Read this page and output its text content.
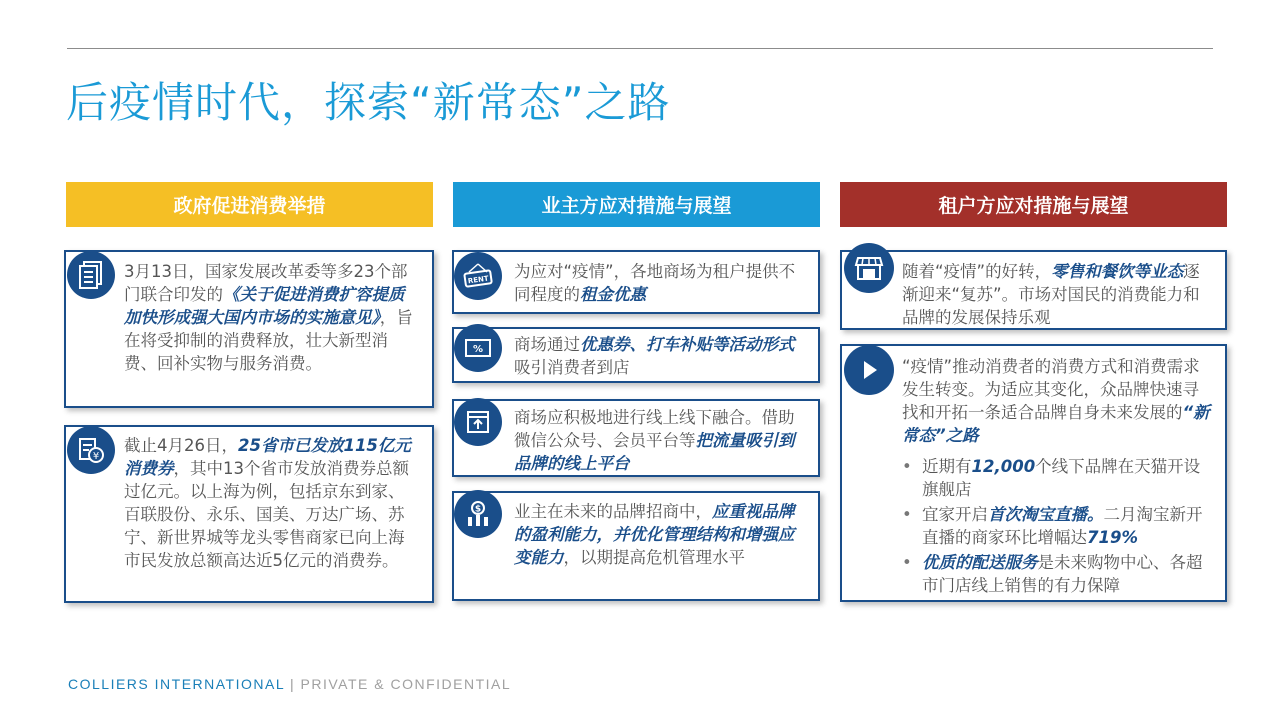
后疫情时代，探索“新常态”之路
政府促进消费举措	业主方应对措施与展望	租户方应对措施与展望
3月13日，国家发展改革委等多23个部门联合印发的《关于促进消费扩容提质加快形成强大国内市场的实施意见》，旨在将受抑制的消费释放，壮大新型消费、回补实物与服务消费。
¥
截止4月26日，25省市已发放115亿元消费券，其中13个省市发放消费券总额过亿元。以上海为例，包括京东到家、百联股份、永乐、国美、万达广场、苏宁、新世界城等龙头零售商家已向上海市民发放总额高达近5亿元的消费券。
RENT 为应对“疫情”，各地商场为租户提供不同程度的租金优惠
% 商场通过优惠券、打车补贴等活动形式吸引消费者到店
商场应积极地进行线上线下融合。借助微信公众号、会员平台等把流量吸引到品牌的线上平台
$ 业主在未来的品牌招商中，应重视品牌的盈利能力，并优化管理结构和增强应变能力，以期提高危机管理水平
随着“疫情”的好转，零售和餐饮等业态逐渐迎来“复苏”。市场对国民的消费能力和品牌的发展保持乐观
“疫情”推动消费者的消费方式和消费需求发生转变。为适应其变化，众品牌快速寻找和开拓一条适合品牌自身未来发展的“新常态”之路
• 近期有12,000个线下品牌在天猫开设旗舰店
• 宜家开启首次淘宝直播。二月淘宝新开直播的商家环比增幅达719%
• 优质的配送服务是未来购物中心、各超市门店线上销售的有力保障
COLLIERS INTERNATIONAL | PRIVATE & CONFIDENTIAL
